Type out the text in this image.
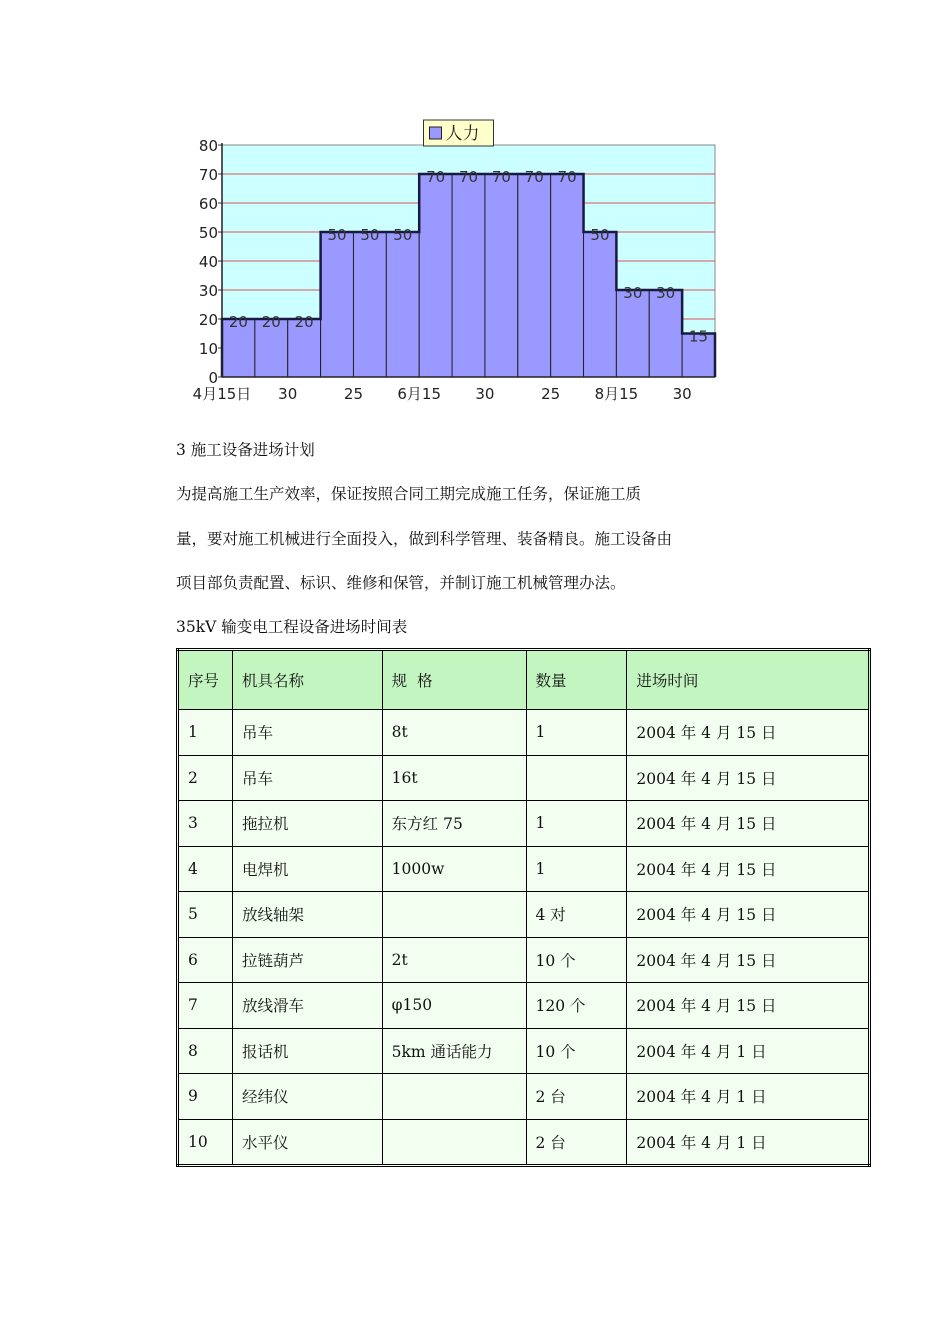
0
10
20
30
40
50
60
70
80
20 20 20
50 50 50
70 70 70 70 70
50
30 30
15
4月15日 30	25 6月15 30	25 8月15 30
人力
3 施工设备进场计划
为提高施工生产效率，保证按照合同工期完成施工任务，保证施工质
量，要对施工机械进行全面投入，做到科学管理、装备精良。施工设备由
项目部负责配置、标识、维修和保管，并制订施工机械管理办法。
35kV 输变电工程设备进场时间表
序号	机具名称	规  格	数量	进场时间
1	吊车	8t	1	2004 年 4 月 15 日
2	吊车	16t		2004 年 4 月 15 日
3	拖拉机	东方红 75	1	2004 年 4 月 15 日
4	电焊机	1000w	1	2004 年 4 月 15 日
5	放线轴架		4 对	2004 年 4 月 15 日
6	拉链葫芦	2t	10 个	2004 年 4 月 15 日
7	放线滑车	φ150	120 个	2004 年 4 月 15 日
8	报话机	5km 通话能力	10 个	2004 年 4 月 1 日
9	经纬仪		2 台	2004 年 4 月 1 日
10	水平仪		2 台	2004 年 4 月 1 日
